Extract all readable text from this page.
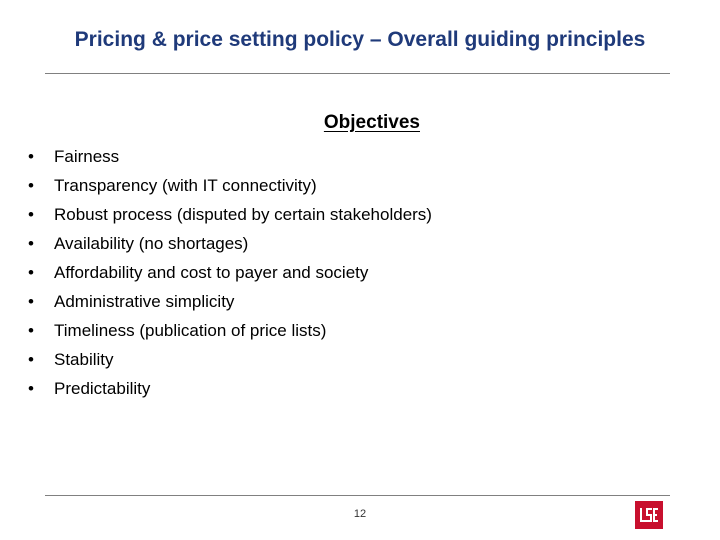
Pricing & price setting policy – Overall guiding principles
Objectives
•	Fairness
•	Transparency (with IT connectivity)
•	Robust process (disputed by certain stakeholders)
•	Availability (no shortages)
•	Affordability and cost to payer and society
•	Administrative simplicity
•	Timeliness (publication of price lists)
•	Stability
•	Predictability
12
